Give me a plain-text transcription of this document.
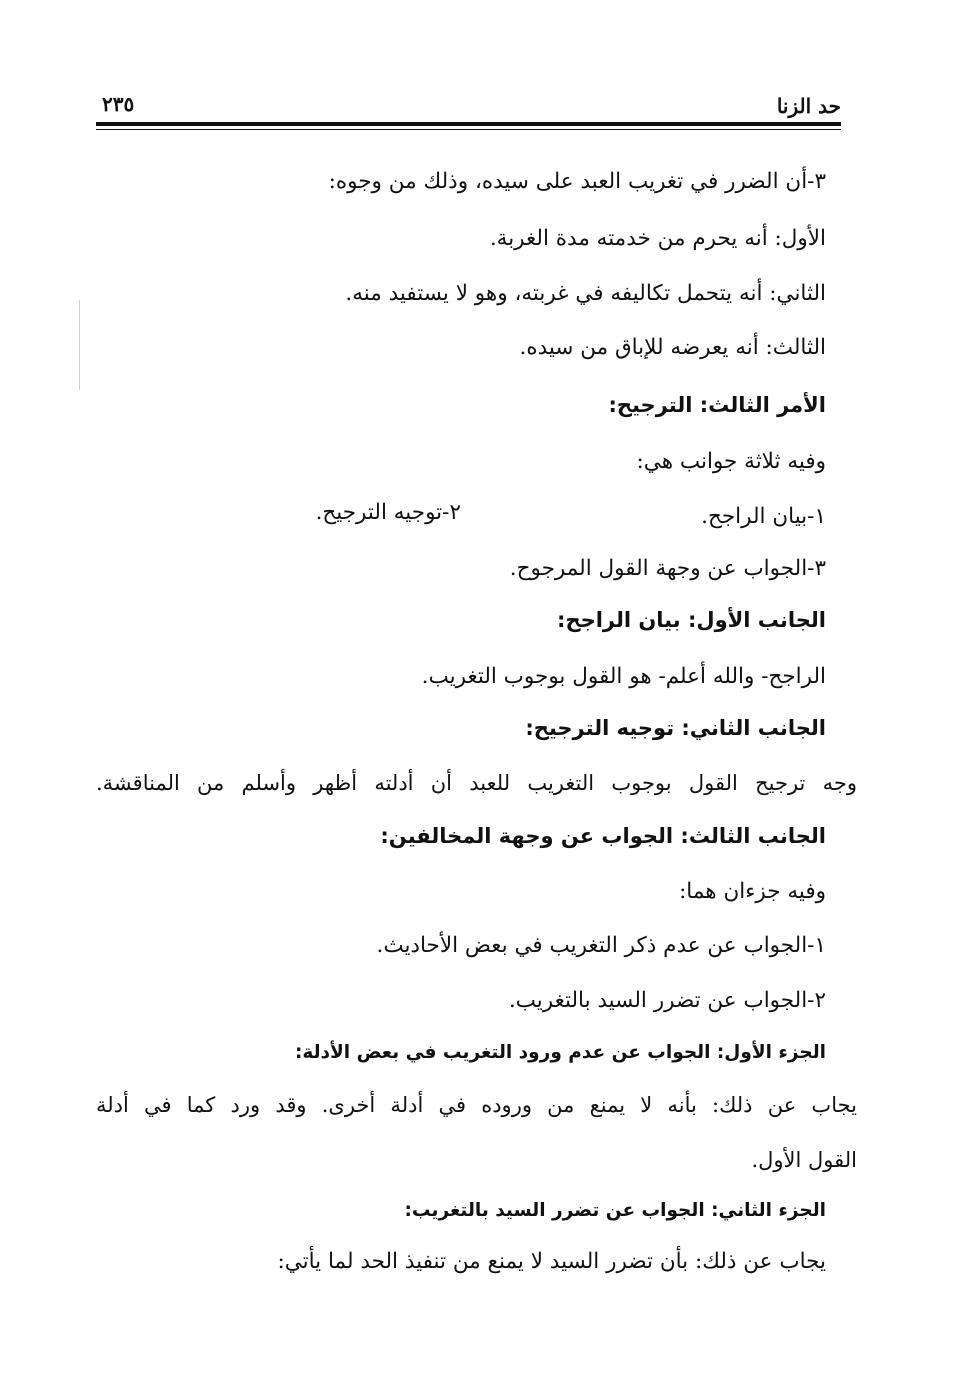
حد الزنا
٢٣٥
٣-أن الضرر في تغريب العبد على سيده، وذلك من وجوه:
الأول: أنه يحرم من خدمته مدة الغربة.
الثاني: أنه يتحمل تكاليفه في غربته، وهو لا يستفيد منه.
الثالث: أنه يعرضه للإباق من سيده.
الأمر الثالث: الترجيح:
وفيه ثلاثة جوانب هي:
١-بيان الراجح.
٢-توجيه الترجيح.
٣-الجواب عن وجهة القول المرجوح.
الجانب الأول: بيان الراجح:
الراجح- والله أعلم- هو القول بوجوب التغريب.
الجانب الثاني: توجيه الترجيح:
وجه ترجيح القول بوجوب التغريب للعبد أن أدلته أظهر وأسلم من المناقشة.
الجانب الثالث: الجواب عن وجهة المخالفين:
وفيه جزءان هما:
١-الجواب عن عدم ذكر التغريب في بعض الأحاديث.
٢-الجواب عن تضرر السيد بالتغريب.
الجزء الأول: الجواب عن عدم ورود التغريب في بعض الأدلة:
يجاب عن ذلك: بأنه لا يمنع من وروده في أدلة أخرى. وقد ورد كما في أدلة
القول الأول.
الجزء الثاني: الجواب عن تضرر السيد بالتغريب:
يجاب عن ذلك: بأن تضرر السيد لا يمنع من تنفيذ الحد لما يأتي:
